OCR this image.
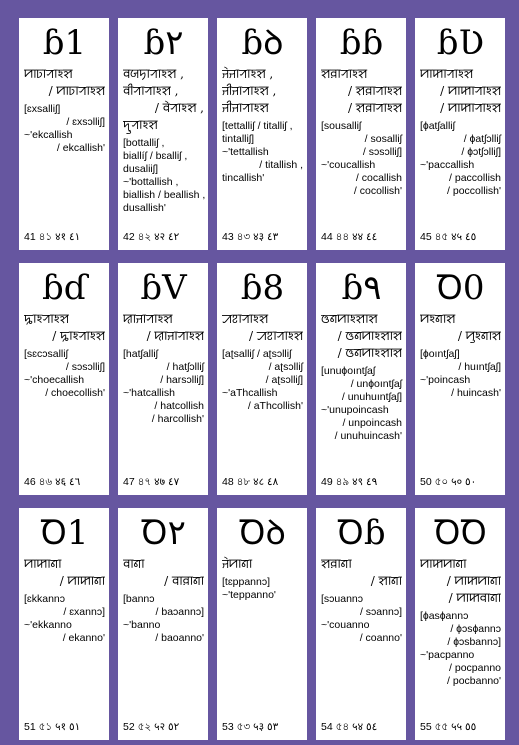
ɓ1
ꠙꠣꠑꠣꠞꠣꠁꠡ
/ ꠙꠣꠑꠣꠞꠣꠁꠡ
[ɛxsalliʃ]
/ ɛxsɔlliʃ]
~'ekcallish
/ ekcallish'
41 ৪১ ४१ ٤١
ɓ٢
ꠛꠎꠠꠣꠞꠣꠁꠡ ,
ꠛꠤꠞꠣꠞꠣꠁꠡ ,
/ ꠛꠦꠞꠣꠁꠡ ,
ꠖꠥꠞꠣꠁꠡ
[bottalliʃ ,
biallíʃ / bɛalliʃ ,
dusaliiʃ]
~'bottallish ,
biallish / beallish ,
dusallish'
42 ৪২ ४२ ٤٢
ɓꝺ
ꠔꠦꠔꠣꠞꠣꠁꠡ ,
ꠔꠤꠔꠣꠞꠣꠁꠡ ,
ꠔꠤꠔꠣꠞꠣꠁꠡ
[tettalliʃ / titalliʃ ,
tintalliʃ]
~'tettallish
/ titallish ,
tincallish'
43 ৪৩ ४३ ٤٣
ɓɓ
ꠡꠅꠣꠞꠣꠁꠡ
/ ꠡꠅꠣꠞꠣꠁꠡ
/ ꠡꠅꠣꠞꠣꠁꠡ
[sousalliʃ
/ sosalliʃ
/ sɔsɔlliʃ]
~'coucallish
/ cocallish
/ cocollish'
44 ৪৪ ४४ ٤٤
ɓƲ
ꠙꠣꠇꠣꠞꠣꠁꠡ
/ ꠙꠣꠇꠣꠞꠣꠁꠡ
/ ꠙꠣꠇꠣꠞꠣꠁꠡ
[ɸatʃalliʃ
/ ɸatʃɔlliʃ
/ ɸɔtʃɔlliʃ]
~'paccallish
/ paccollish
/ poccollish'
45 ৪৫ ४५ ٤٥
ɓɗ
ꠍꠣꠁꠞꠣꠁꠡ
/ ꠍꠣꠁꠞꠣꠁꠡ
[sɛcɔsalliʃ
/ sɔsɔlliʃ]
~'choecallish
/ choecollish'
46 ৪৬ ४६ ٤٦
ɓV
ꠢꠣꠔꠣꠞꠣꠁꠡ
/ ꠢꠣꠔꠣꠞꠣꠁꠡ
[hatʃalliʃ
/ hatʃɔlliʃ
/ harsɔlliʃ]
~'hatcallish
/ hatcollish
/ harcollish'
47 ৪৭ ४७ ٤٧
ɓ8
ꠀꠐꠣꠞꠣꠁꠡ
/ ꠀꠐꠣꠞꠣꠁꠡ
[aʈsalliʃ / aʈsɔlliʃ
/ aʈsɔlliʃ
/ aʈsɔlliʃ]
~'aThcallish
/ aThcollish'
48 ৪৮ ४८ ٤٨
ɓ٩
ꠃꠘꠙꠣꠁꠡꠣꠡ
/ ꠃꠘꠙꠣꠁꠡꠣꠡ
/ ꠃꠘꠙꠣꠁꠡꠣꠡ
[unuɸoıntʃaʃ
/ unɸoıntʃaʃ
/ unuhuıntʃaʃ]
~'unupoincash
/ unpoincash
/ unuhuincash'
49 ৪৯ ४९ ٤٩
Ꝺ0
ꠙꠁꠘꠣꠡ
/ ꠙꠥꠁꠘꠣꠡ
[ɸoıntʃaʃ]
/ huıntʃaʃ]
~'poincash
/ huincash'
50 ৫০ ५० ٥٠
Ꝺ1
ꠙꠣꠇꠣꠘꠣ
/ ꠙꠣꠇꠣꠘꠣ
[ɛkkannɔ
/ ɛxannɔ]
~'ekkanno
/ ekanno'
51 ৫১ ५१ ٥١
Ꝺ٢
ꠛꠣꠘꠣ
/ ꠛꠣꠅꠣꠘꠣ
[bannɔ
/ baɔannɔ]
~'banno
/ baoanno'
52 ৫২ ५२ ٥٢
Ꝺꝺ
ꠔꠦꠙꠣꠘꠣ
[tɛppannɔ]
~'teppanno'
53 ৫৩ ५३ ٥٣
Ꝺɓ
ꠡꠅꠣꠘꠣ
/ ꠡꠣꠘꠣ
[sɔuannɔ
/ sɔannɔ]
~'couanno
/ coanno'
54 ৫৪ ५४ ٥٤
ꝹꝹ
ꠙꠣꠇꠙꠣꠘꠣ
/ ꠙꠣꠇꠙꠣꠘꠣ
/ ꠙꠣꠇꠛꠣꠘꠣ
[ɸasɸannɔ
/ ɸɔsɸannɔ
/ ɸɔsbannɔ]
~'pacpanno
/ pocpanno
/ pocbanno'
55 ৫৫ ५५ ٥٥
